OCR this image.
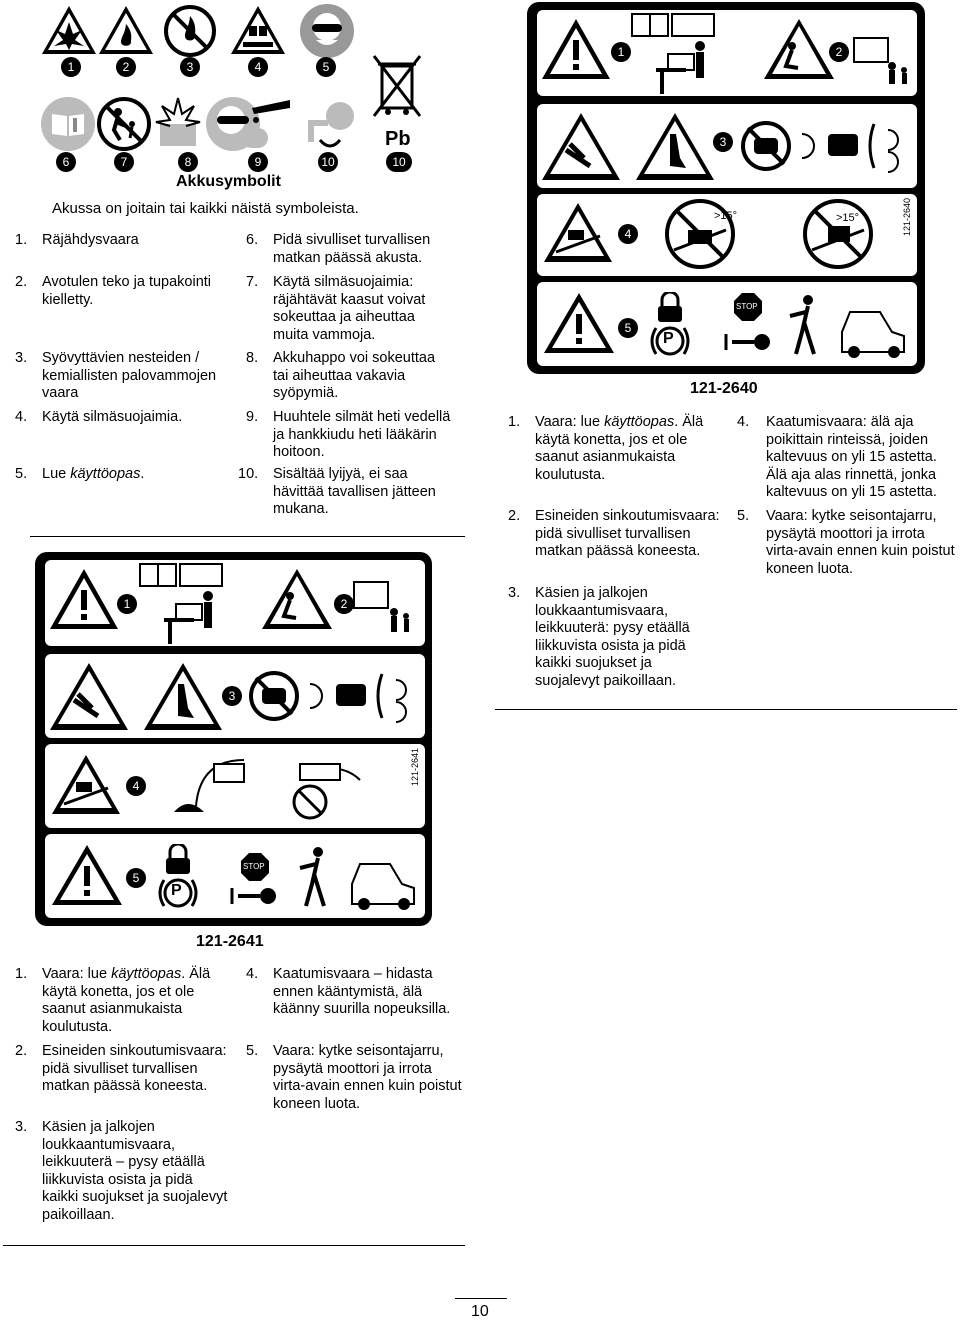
1	2	3	4	5
Pb
6	7	8	9	10	10
Akkusymbolit
Akussa on joitain tai kaikki näistä symboleista.
1. Räjähdysvaara
2. Avotulen teko ja tupakointi kielletty.
3. Syövyttävien nesteiden / kemiallisten palovammojen vaara
4. Käytä silmäsuojaimia.
5. Lue käyttöopas.
6. Pidä sivulliset turvallisen matkan päässä akusta.
7. Käytä silmäsuojaimia: räjähtävät kaasut voivat sokeuttaa ja aiheuttaa muita vammoja.
8. Akkuhappo voi sokeuttaa tai aiheuttaa vakavia syöpymiä.
9. Huuhtele silmät heti vedellä ja hankkiudu heti lääkärin hoitoon.
10. Sisältää lyijyä, ei saa hävittää tavallisen jätteen mukana.
1	2
3
>15°	>15°	121-2640
4
P
STOP
5
121-2640
1. Vaara: lue käyttöopas. Älä käytä konetta, jos et ole saanut asianmukaista koulutusta.
2. Esineiden sinkoutumisvaara: pidä sivulliset turvallisen matkan päässä koneesta.
3. Käsien ja jalkojen loukkaantumisvaara, leikkuuterä: pysy etäällä liikkuvista osista ja pidä kaikki suojukset ja suojalevyt paikoillaan.
4. Kaatumisvaara: älä aja poikittain rinteissä, joiden kaltevuus on yli 15 astetta. Älä aja alas rinnettä, jonka kaltevuus on yli 15 astetta.
5. Vaara: kytke seisontajarru, pysäytä moottori ja irrota virta-avain ennen kuin poistut koneen luota.
1	2
3
121-2641
4
P
STOP
5
121-2641
1. Vaara: lue käyttöopas. Älä käytä konetta, jos et ole saanut asianmukaista koulutusta.
2. Esineiden sinkoutumisvaara: pidä sivulliset turvallisen matkan päässä koneesta.
3. Käsien ja jalkojen loukkaantumisvaara, leikkuuterä – pysy etäällä liikkuvista osista ja pidä kaikki suojukset ja suojalevyt paikoillaan.
4. Kaatumisvaara – hidasta ennen kääntymistä, älä käänny suurilla nopeuksilla.
5. Vaara: kytke seisontajarru, pysäytä moottori ja irrota virta-avain ennen kuin poistut koneen luota.
10
